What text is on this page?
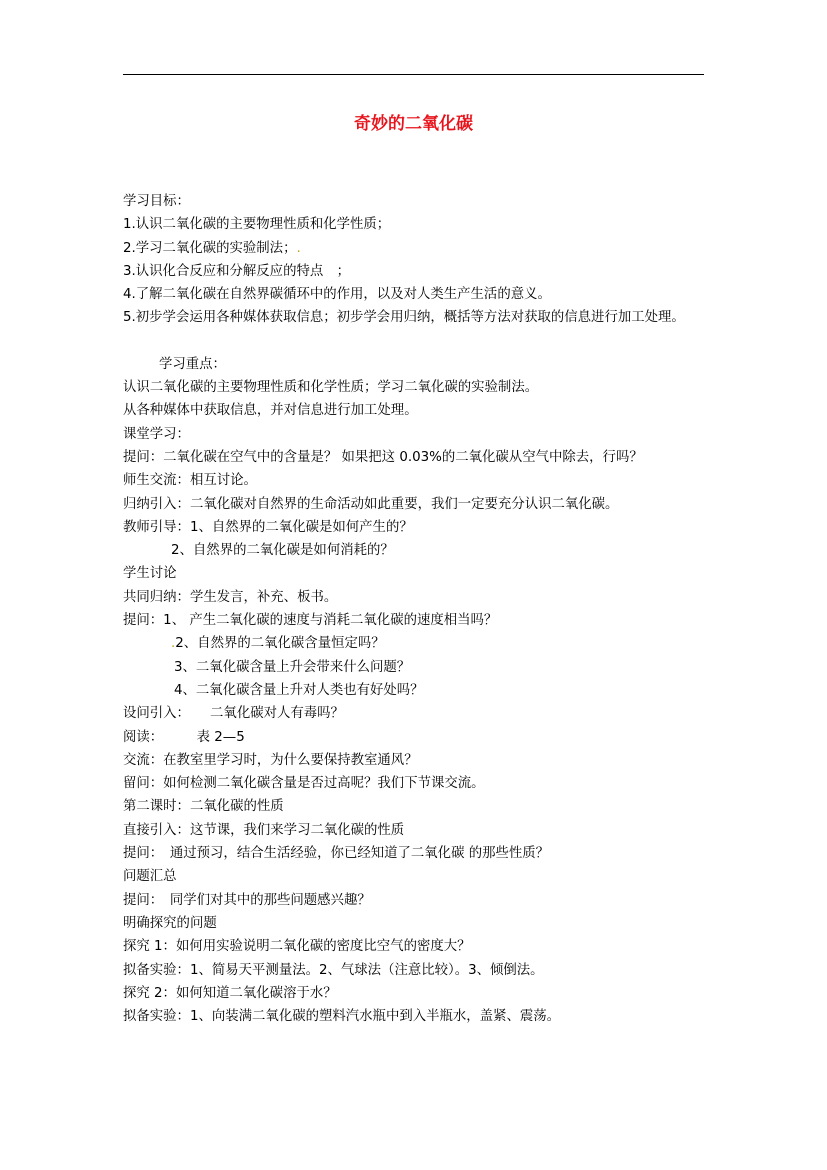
奇妙的二氧化碳

学习目标：

1.认识二氧化碳的主要物理性质和化学性质；

2.学习二氧化碳的实验制法；.

3.认识化合反应和分解反应的特点　；

4.了解二氧化碳在自然界碳循环中的作用，以及对人类生产生活的意义。

5.初步学会运用各种媒体获取信息；初步学会用归纳，概括等方法对获取的信息进行加工处理。

学习重点：

认识二氧化碳的主要物理性质和化学性质；学习二氧化碳的实验制法。

从各种媒体中获取信息，并对信息进行加工处理。

课堂学习：

提问：二氧化碳在空气中的含量是？ 如果把这 0.03%的二氧化碳从空气中除去，行吗？

师生交流：相互讨论。

归纳引入：二氧化碳对自然界的生命活动如此重要，我们一定要充分认识二氧化碳。

教师引导：1、自然界的二氧化碳是如何产生的？

2、自然界的二氧化碳是如何消耗的？

学生讨论

共同归纳：学生发言，补充、板书。

提问：1、 产生二氧化碳的速度与消耗二氧化碳的速度相当吗？

.2、自然界的二氧化碳含量恒定吗？

3、二氧化碳含量上升会带来什么问题？

4、二氧化碳含量上升对人类也有好处吗？

设问引入：　　二氧化碳对人有毒吗？

阅读：　　　表 2—5

交流：在教室里学习时，为什么要保持教室通风？

留问：如何检测二氧化碳含量是否过高呢？我们下节课交流。

第二课时：二氧化碳的性质

直接引入：这节课，我们来学习二氧化碳的性质

提问：　通过预习，结合生活经验，你已经知道了二氧化碳 的那些性质？

问题汇总

提问：　同学们对其中的那些问题感兴趣？

明确探究的问题

探究 1：如何用实验说明二氧化碳的密度比空气的密度大？

拟备实验：1、简易天平测量法。2、气球法（注意比较）。3、倾倒法。

探究 2：如何知道二氧化碳溶于水？

拟备实验：1、向装满二氧化碳的塑料汽水瓶中到入半瓶水，盖紧、震荡。
